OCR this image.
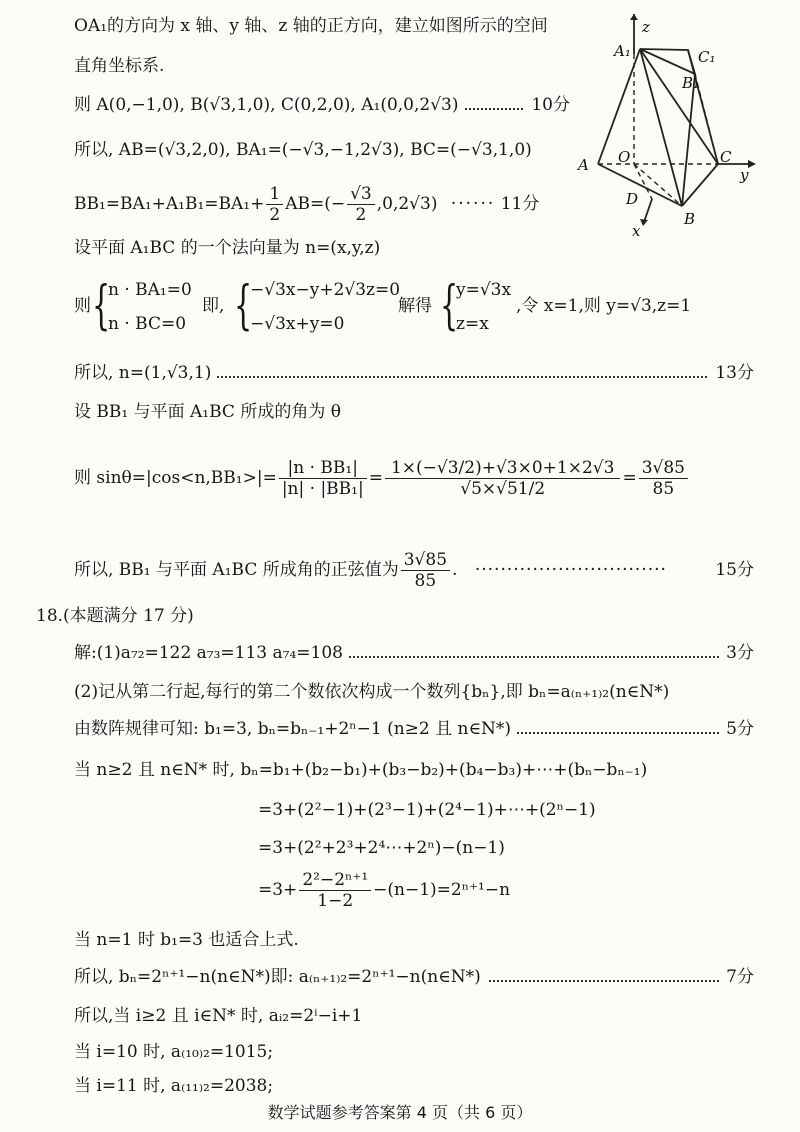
OA₁的方向为 x 轴、y 轴、z 轴的正方向，建立如图所示的空间
直角坐标系.
则 A(0,−1,0), B(√3,1,0), C(0,2,0), A₁(0,0,2√3)	10分
所以, AB=(√3,2,0), BA₁=(−√3,−1,2√3), BC=(−√3,1,0)
$BB_1=BA_1+A_1B_1=BA_1+ \frac{1}{2} AB=(- \frac{√3}{2} ,0,2√3)$ ······ 11分
设平面 A₁BC 的一个法向量为 n=(x,y,z)
则 {
n · BA₁=0
n · BC=0
即, {
−√3x−y+2√3z=0
−√3x+y=0
解得 {
y=√3x
z=x
,令 x=1,则 y=√3,z=1
所以, n=(1,√3,1)	13分
设 BB₁ 与平面 A₁BC 所成的角为 θ
则 $\sin\theta=|\cos<n,BB_1>|= \frac{\text{|n · BB₁|}}{\text{|n| · |BB₁|}} = \frac{1\times(-√3/2)+√3\times 0+1\times 2√3}{√5\times√51/2} = \frac{3√85}{85}$
所以, BB₁ 与平面 A₁BC 所成角的正弦值为 $\frac{3√85}{85}$ . ······························	15分
18.(本题满分 17 分)
解:(1)a₇₂=122 a₇₃=113 a₇₄=108	3分
(2)记从第二行起,每行的第二个数依次构成一个数列{bₙ},即 bₙ=a₍ₙ₊₁₎₂(n∈N*)
由数阵规律可知: b₁=3, bₙ=bₙ₋₁+2ⁿ−1 (n≥2 且 n∈N*)	5分
当 n≥2 且 n∈N* 时, bₙ=b₁+(b₂−b₁)+(b₃−b₂)+(b₄−b₃)+⋯+(bₙ−bₙ₋₁)
=3+(2²−1)+(2³−1)+(2⁴−1)+⋯+(2ⁿ−1)
=3+(2²+2³+2⁴⋯+2ⁿ)−(n−1)
$=3+ \frac{\text{2²−2ⁿ⁺¹}}{1-2} -(n-1)=2^{n+1}-n$
当 n=1 时 b₁=3 也适合上式.
所以, bₙ=2ⁿ⁺¹−n(n∈N*)即: a₍ₙ₊₁₎₂=2ⁿ⁺¹−n(n∈N*)	7分
所以,当 i≥2 且 i∈N* 时, aᵢ₂=2ⁱ−i+1
当 i=10 时, a₍₁₀₎₂=1015;
当 i=11 时, a₍₁₁₎₂=2038;
z
A₁	C₁
B₁
A O	C
y
D
B
x
数学试题参考答案第 4 页（共 6 页）
